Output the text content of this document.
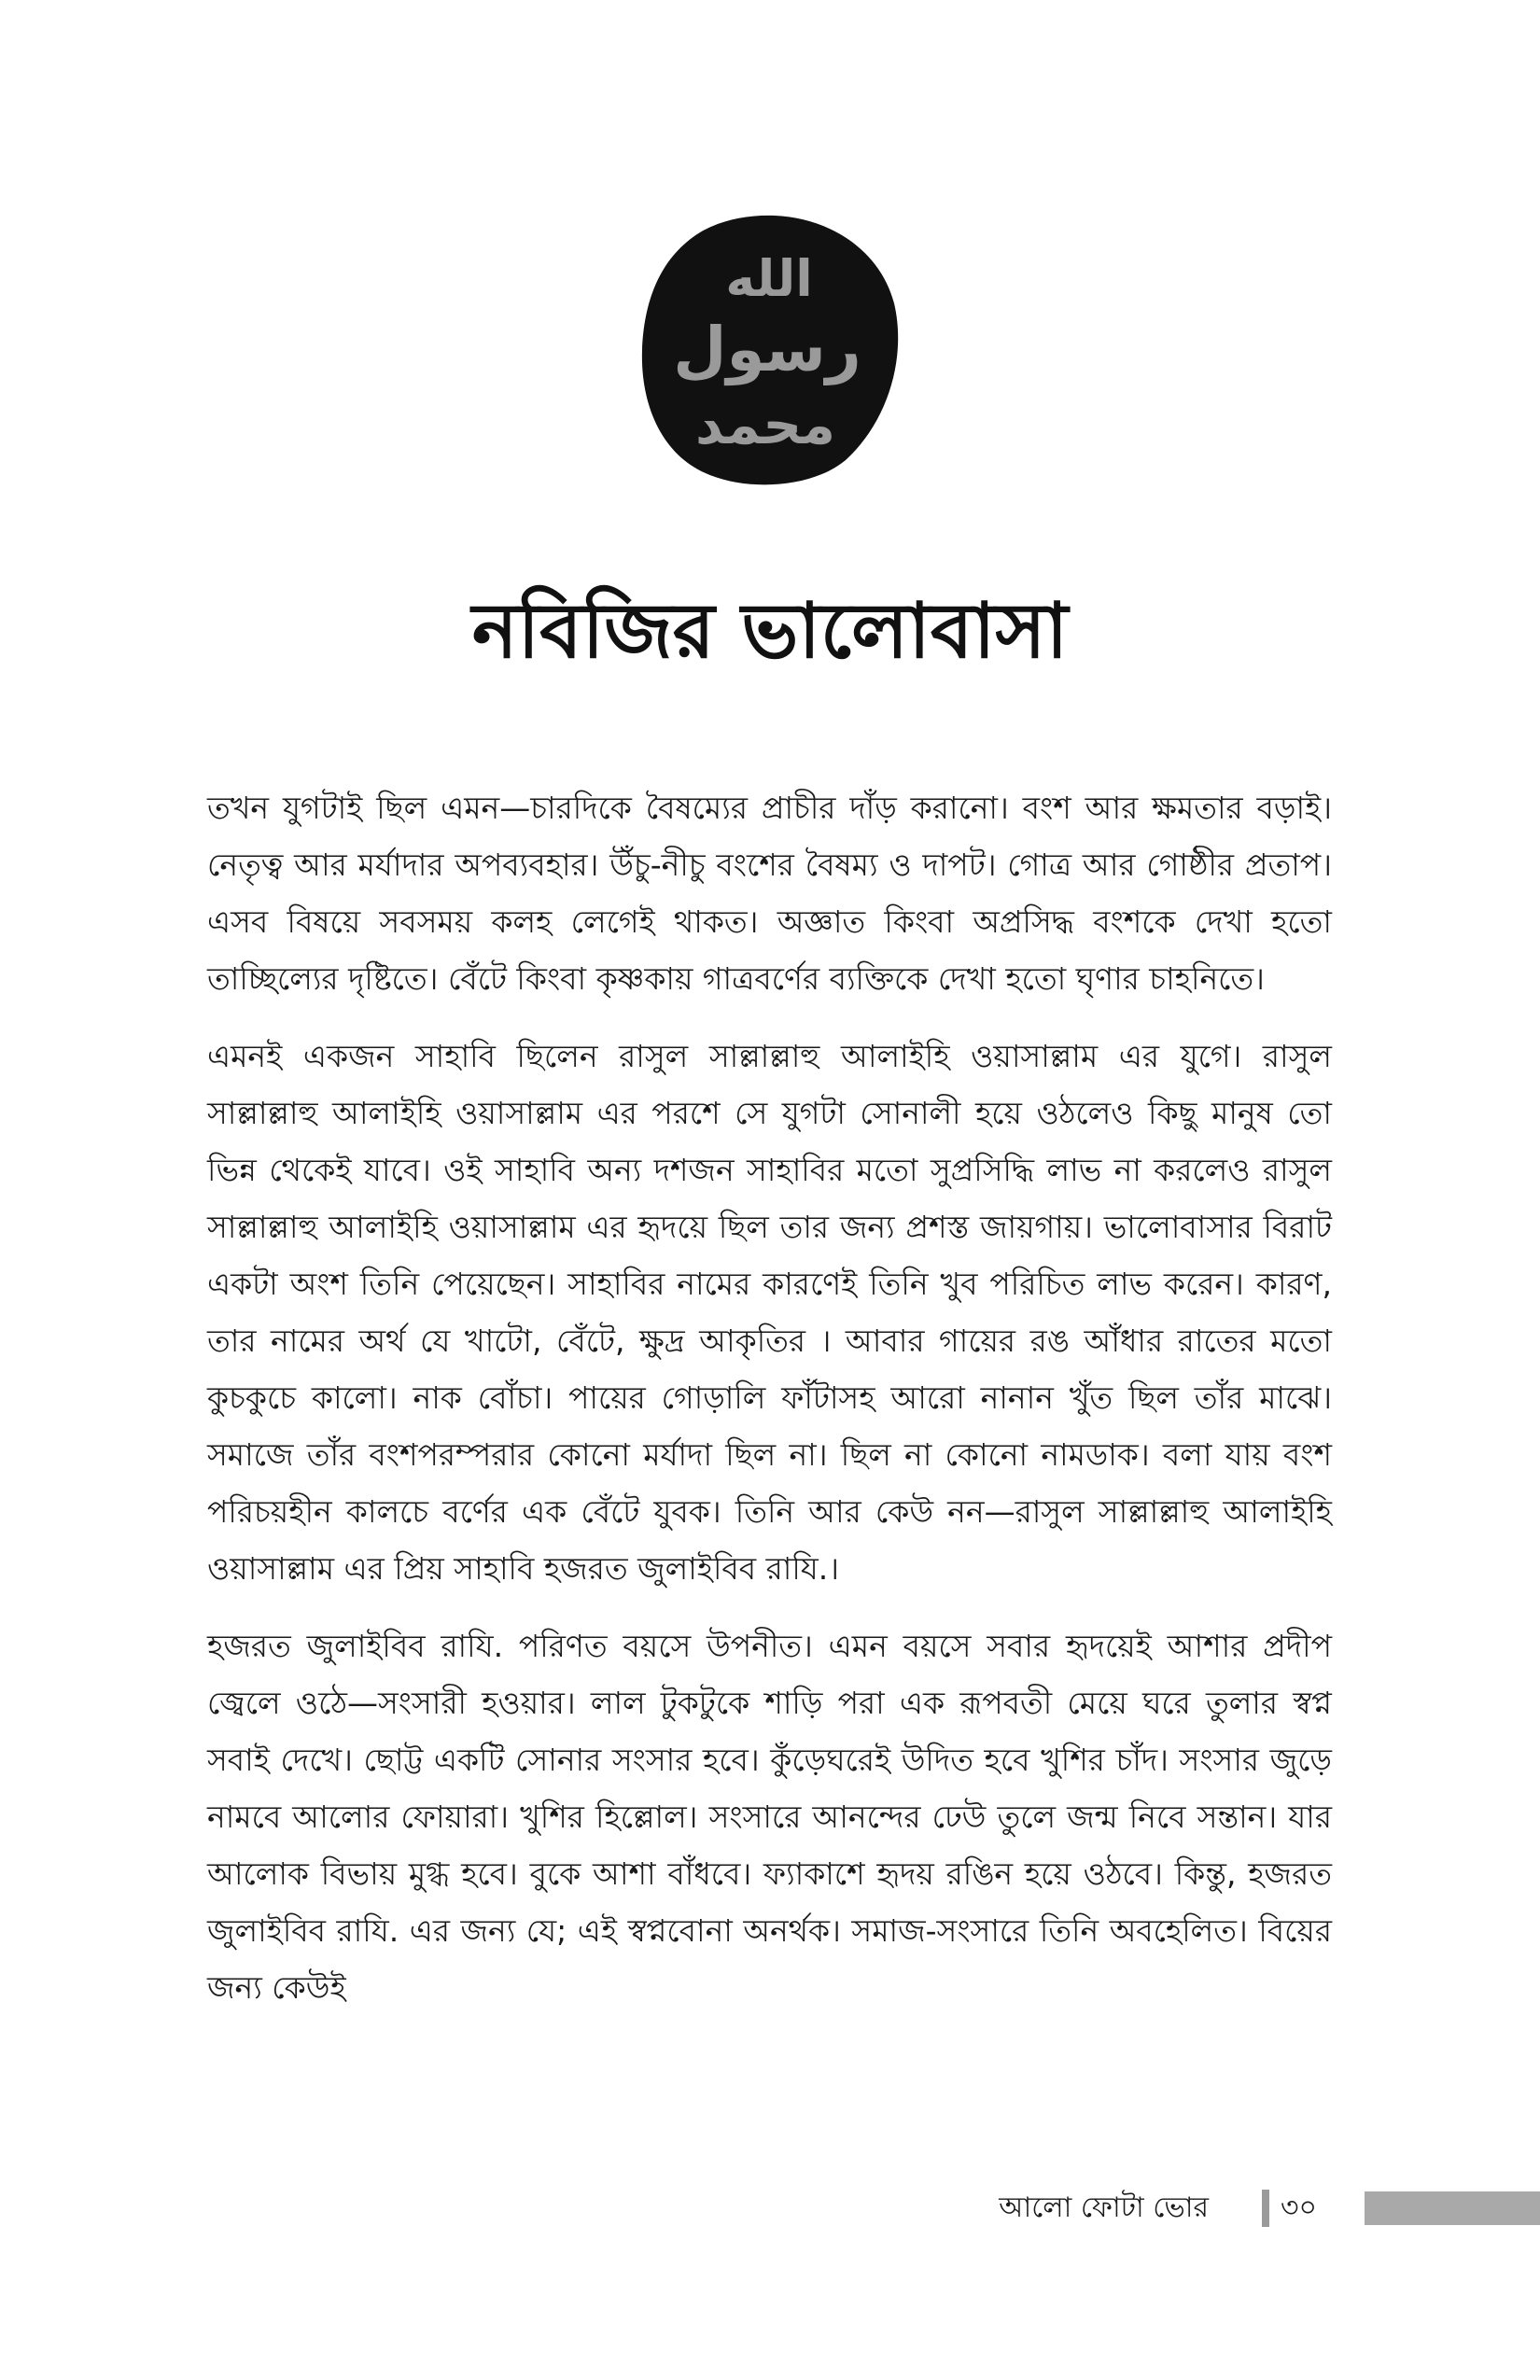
الله
رسول
محمد
নবিজির ভালোবাসা

তখন যুগটাই ছিল এমন—চারদিকে বৈষম্যের প্রাচীর দাঁড় করানো। বংশ আর ক্ষমতার বড়াই। নেতৃত্ব আর মর্যাদার অপব্যবহার। উঁচু-নীচু বংশের বৈষম্য ও দাপট। গোত্র আর গোষ্ঠীর প্রতাপ। এসব বিষয়ে সবসময় কলহ লেগেই থাকত। অজ্ঞাত কিংবা অপ্রসিদ্ধ বংশকে দেখা হতো তাচ্ছিল্যের দৃষ্টিতে। বেঁটে কিংবা কৃষ্ণকায় গাত্রবর্ণের ব্যক্তিকে দেখা হতো ঘৃণার চাহনিতে।

এমনই একজন সাহাবি ছিলেন রাসুল সাল্লাল্লাহু আলাইহি ওয়াসাল্লাম এর যুগে। রাসুল সাল্লাল্লাহু আলাইহি ওয়াসাল্লাম এর পরশে সে যুগটা সোনালী হয়ে ওঠলেও কিছু মানুষ তো ভিন্ন থেকেই যাবে। ওই সাহাবি অন্য দশজন সাহাবির মতো সুপ্রসিদ্ধি লাভ না করলেও রাসুল সাল্লাল্লাহু আলাইহি ওয়াসাল্লাম এর হৃদয়ে ছিল তার জন্য প্রশস্ত জায়গায়। ভালোবাসার বিরাট একটা অংশ তিনি পেয়েছেন। সাহাবির নামের কারণেই তিনি খুব পরিচিত লাভ করেন। কারণ, তার নামের অর্থ যে খাটো, বেঁটে, ক্ষুদ্র আকৃতির । আবার গায়ের রঙ আঁধার রাতের মতো কুচকুচে কালো। নাক বোঁচা। পায়ের গোড়ালি ফাঁটাসহ আরো নানান খুঁত ছিল তাঁর মাঝে। সমাজে তাঁর বংশপরম্পরার কোনো মর্যাদা ছিল না। ছিল না কোনো নামডাক। বলা যায় বংশ পরিচয়হীন কালচে বর্ণের এক বেঁটে যুবক। তিনি আর কেউ নন—রাসুল সাল্লাল্লাহু আলাইহি ওয়াসাল্লাম এর প্রিয় সাহাবি হজরত জুলাইবিব রাযি.।

হজরত জুলাইবিব রাযি. পরিণত বয়সে উপনীত। এমন বয়সে সবার হৃদয়েই আশার প্রদীপ জ্বেলে ওঠে—সংসারী হওয়ার। লাল টুকটুকে শাড়ি পরা এক রূপবতী মেয়ে ঘরে তুলার স্বপ্ন সবাই দেখে। ছোট্ট একটি সোনার সংসার হবে। কুঁড়েঘরেই উদিত হবে খুশির চাঁদ। সংসার জুড়ে নামবে আলোর ফোয়ারা। খুশির হিল্লোল। সংসারে আনন্দের ঢেউ তুলে জন্ম নিবে সন্তান। যার আলোক বিভায় মুগ্ধ হবে। বুকে আশা বাঁধবে। ফ্যাকাশে হৃদয় রঙিন হয়ে ওঠবে। কিন্তু, হজরত জুলাইবিব রাযি. এর জন্য যে; এই স্বপ্নবোনা অনর্থক। সমাজ-সংসারে তিনি অবহেলিত। বিয়ের জন্য কেউই

আলো ফোটা ভোর	৩০
